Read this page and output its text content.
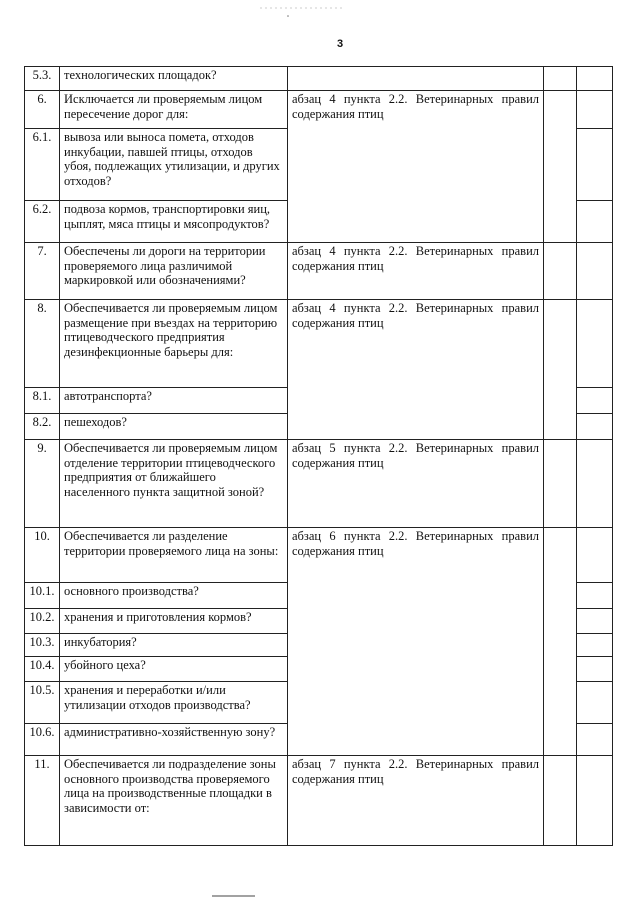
3
5.3.	технологических площадок?			
6.	Исключается ли проверяемым лицом пересечение дорог для:	абзац 4 пункта 2.2. Ветеринарных правил содержания птиц		
6.1.	вывоза или выноса помета, отходов инкубации, павшей птицы, отходов убоя, подлежащих утилизации, и других отходов?			
6.2.	подвоза кормов, транспортировки яиц, цыплят, мяса птицы и мясопродуктов?			
7.	Обеспечены ли дороги на территории проверяемого лица различимой маркировкой или обозначениями?	абзац 4 пункта 2.2. Ветеринарных правил содержания птиц		
8.	Обеспечивается ли проверяемым лицом размещение при въездах на территорию птицеводческого предприятия дезинфекционные барьеры для:	абзац 4 пункта 2.2. Ветеринарных правил содержания птиц		
8.1.	автотранспорта?			
8.2.	пешеходов?			
9.	Обеспечивается ли проверяемым лицом отделение территории птицеводческого предприятия от ближайшего населенного пункта защитной зоной?	абзац 5 пункта 2.2. Ветеринарных правил содержания птиц		
10.	Обеспечивается ли разделение территории проверяемого лица на зоны:	абзац 6 пункта 2.2. Ветеринарных правил содержания птиц		
10.1.	основного производства?			
10.2.	хранения и приготовления кормов?			
10.3.	инкубатория?			
10.4.	убойного цеха?			
10.5.	хранения и переработки и/или утилизации отходов производства?			
10.6.	административно-хозяйственную зону?			
11.	Обеспечивается ли подразделение зоны основного производства проверяемого лица на производственные площадки в зависимости от:	абзац 7 пункта 2.2. Ветеринарных правил содержания птиц		
